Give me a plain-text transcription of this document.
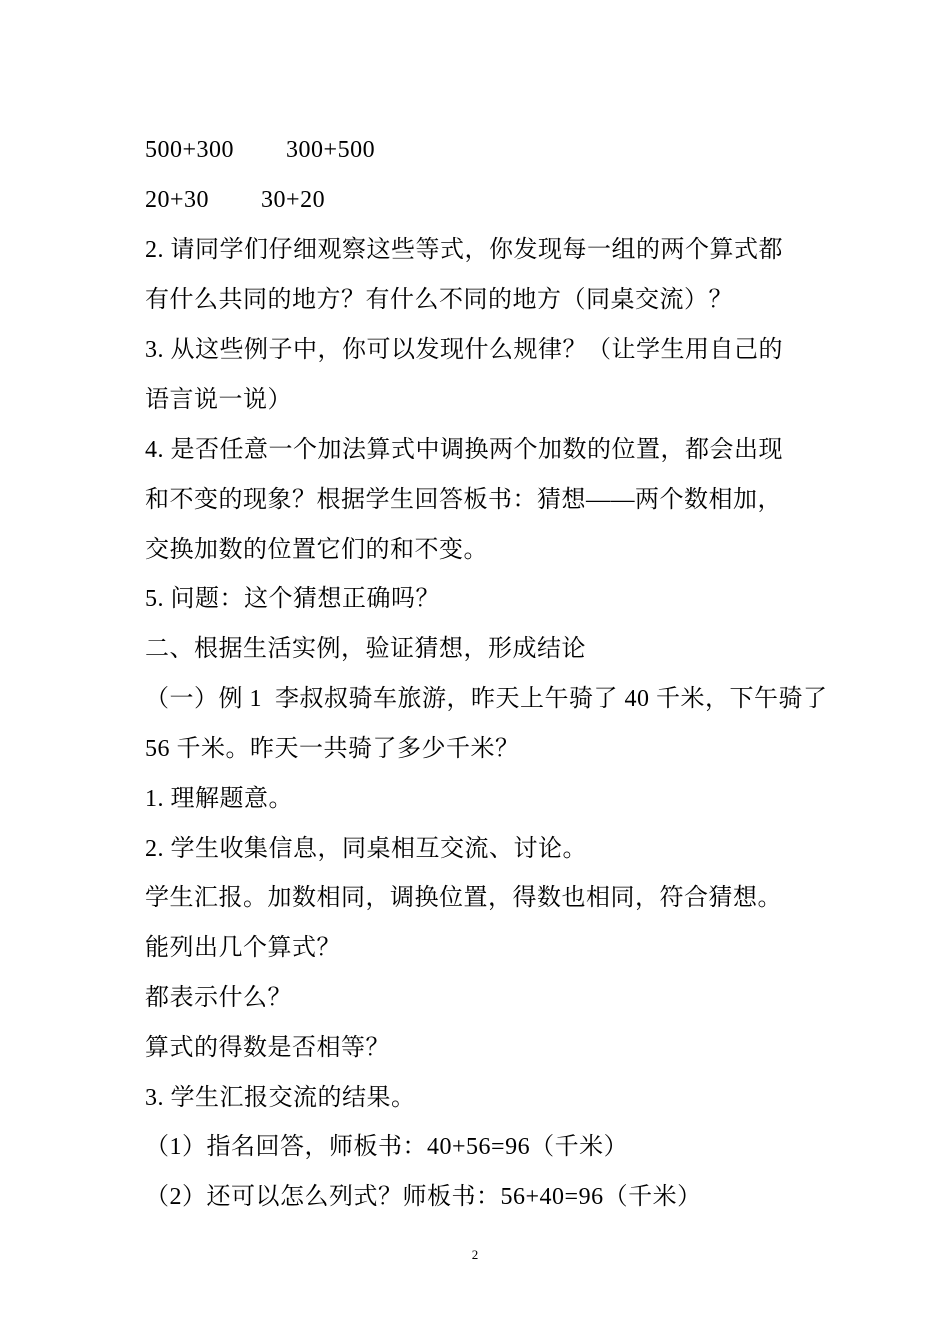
500+300        300+500
20+30        30+20
2. 请同学们仔细观察这些等式，你发现每一组的两个算式都
有什么共同的地方？有什么不同的地方（同桌交流）？
3. 从这些例子中，你可以发现什么规律？（让学生用自己的
语言说一说）
4. 是否任意一个加法算式中调换两个加数的位置，都会出现
和不变的现象？根据学生回答板书：猜想——两个数相加，
交换加数的位置它们的和不变。
5. 问题：这个猜想正确吗？
二、根据生活实例，验证猜想，形成结论
（一）例 1  李叔叔骑车旅游，昨天上午骑了 40 千米，下午骑了
56 千米。昨天一共骑了多少千米？
1. 理解题意。
2. 学生收集信息，同桌相互交流、讨论。
学生汇报。加数相同，调换位置，得数也相同，符合猜想。
能列出几个算式？
都表示什么？
算式的得数是否相等？
3. 学生汇报交流的结果。
（1）指名回答，师板书：40+56=96（千米）
（2）还可以怎么列式？师板书：56+40=96（千米）
2
